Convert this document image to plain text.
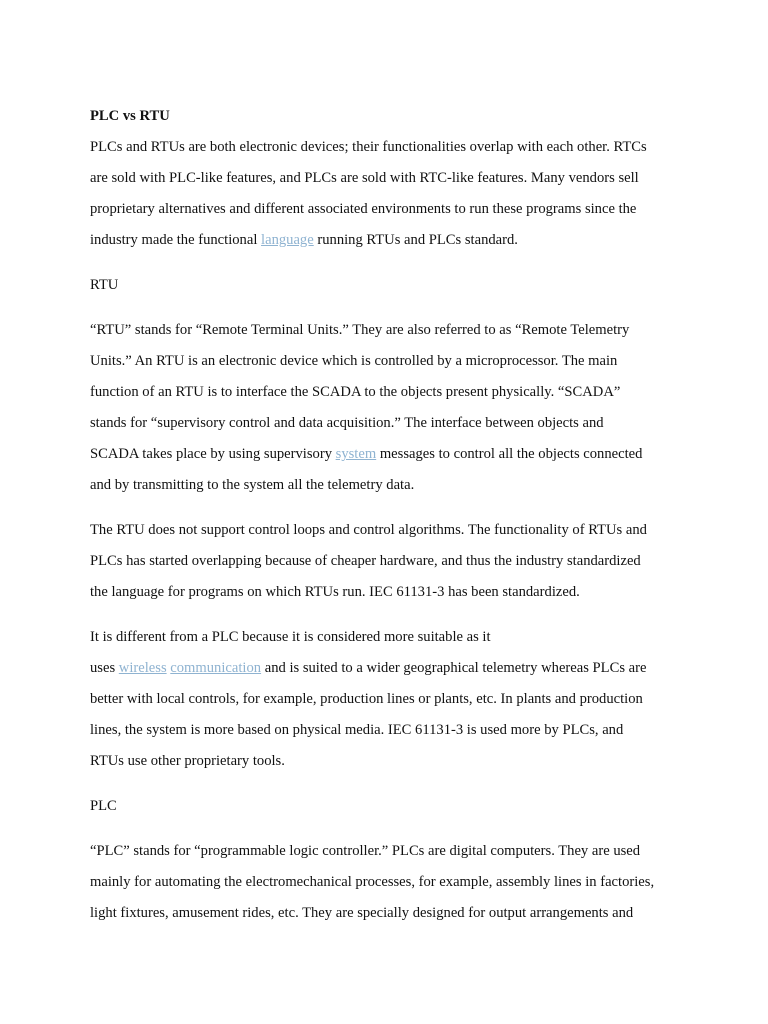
PLC vs RTU
PLCs and RTUs are both electronic devices; their functionalities overlap with each other. RTCs
are sold with PLC-like features, and PLCs are sold with RTC-like features. Many vendors sell
proprietary alternatives and different associated environments to run these programs since the
industry made the functional language running RTUs and PLCs standard.
RTU
“RTU” stands for “Remote Terminal Units.” They are also referred to as “Remote Telemetry
Units.” An RTU is an electronic device which is controlled by a microprocessor. The main
function of an RTU is to interface the SCADA to the objects present physically. “SCADA”
stands for “supervisory control and data acquisition.” The interface between objects and
SCADA takes place by using supervisory system messages to control all the objects connected
and by transmitting to the system all the telemetry data.
The RTU does not support control loops and control algorithms. The functionality of RTUs and
PLCs has started overlapping because of cheaper hardware, and thus the industry standardized
the language for programs on which RTUs run. IEC 61131-3 has been standardized.
It is different from a PLC because it is considered more suitable as it
uses wireless communication and is suited to a wider geographical telemetry whereas PLCs are
better with local controls, for example, production lines or plants, etc. In plants and production
lines, the system is more based on physical media. IEC 61131-3 is used more by PLCs, and
RTUs use other proprietary tools.
PLC
“PLC” stands for “programmable logic controller.” PLCs are digital computers. They are used
mainly for automating the electromechanical processes, for example, assembly lines in factories,
light fixtures, amusement rides, etc. They are specially designed for output arrangements and
